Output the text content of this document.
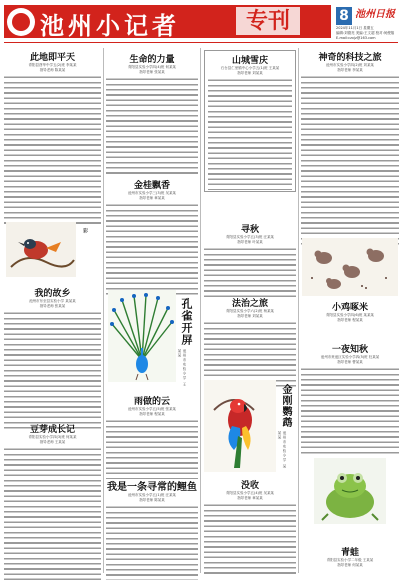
池州小记者	专刊	8 池州日报
2024年11月1日 星期五
编辑:刘德亮 美编:王文超 校对:何俊翔
E-mail:czxjz@163.com
此地即平天
青阳县酉华中学五(2)班 李某某
指导老师 陈某某
彩
我的故乡
池州市东至县实验小学 某某某
指导老师 张某某
豆芽成长记
青阳县实验小学四(3)班 何某某
指导老师 王某某
生命的力量
青阳县实验小学四(4)班 何某某
指导老师 张某某
金桂飘香
池州市实验小学三(3)班 吴某某
指导老师 章某某
孔雀开屏
池州市实验小学 王某某
雨做的云
池州市实验小学五(5)班 张某某
指导老师 程某某
我是一条寻常的鲤鱼
池州市实验小学五(1)班 汪某某
指导老师 陈某某
山城雪庆
石台县仁里镇中心小学五(1)班 王某某
指导老师 刘某某
寻秋
青阳县实验小学五(3)班 汪某某
指导老师 叶某某
法治之旅
青阳县实验小学六(2)班 杨某某
指导老师 刘某某
金刚鹦鹉
池州市实验小学 某某某
没收
青阳县实验小学五(4)班 吴某某
指导老师 章某某
神奇的科技之旅
池州市实验小学四(2)班 刘某某
指导老师 李某某
小鸡啄米
青阳县实验小学四(6)班 某某某
指导老师 程某某
一夜知秋
池州市贵池区实验小学四(5)班 杜某某
指导老师 曹某某
青蛙
青阳县实验小学二年级 王某某
指导老师 何某某
